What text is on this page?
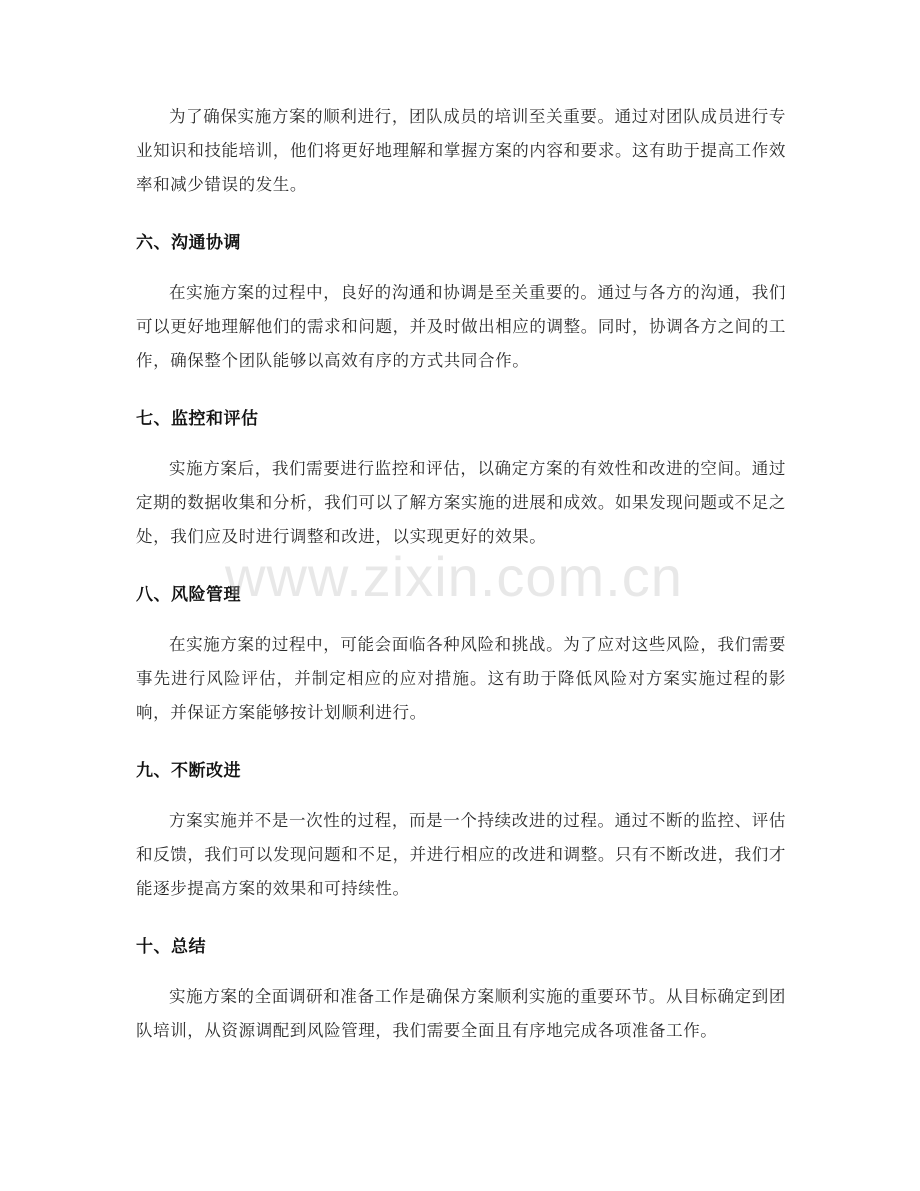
为了确保实施方案的顺利进行，团队成员的培训至关重要。通过对团队成员进行专业知识和技能培训，他们将更好地理解和掌握方案的内容和要求。这有助于提高工作效率和减少错误的发生。

六、沟通协调

在实施方案的过程中，良好的沟通和协调是至关重要的。通过与各方的沟通，我们可以更好地理解他们的需求和问题，并及时做出相应的调整。同时，协调各方之间的工作，确保整个团队能够以高效有序的方式共同合作。

七、监控和评估

实施方案后，我们需要进行监控和评估，以确定方案的有效性和改进的空间。通过定期的数据收集和分析，我们可以了解方案实施的进展和成效。如果发现问题或不足之处，我们应及时进行调整和改进，以实现更好的效果。

八、风险管理

在实施方案的过程中，可能会面临各种风险和挑战。为了应对这些风险，我们需要事先进行风险评估，并制定相应的应对措施。这有助于降低风险对方案实施过程的影响，并保证方案能够按计划顺利进行。

九、不断改进

方案实施并不是一次性的过程，而是一个持续改进的过程。通过不断的监控、评估和反馈，我们可以发现问题和不足，并进行相应的改进和调整。只有不断改进，我们才能逐步提高方案的效果和可持续性。

十、总结

实施方案的全面调研和准备工作是确保方案顺利实施的重要环节。从目标确定到团队培训，从资源调配到风险管理，我们需要全面且有序地完成各项准备工作。

www.zixin.com.cn
